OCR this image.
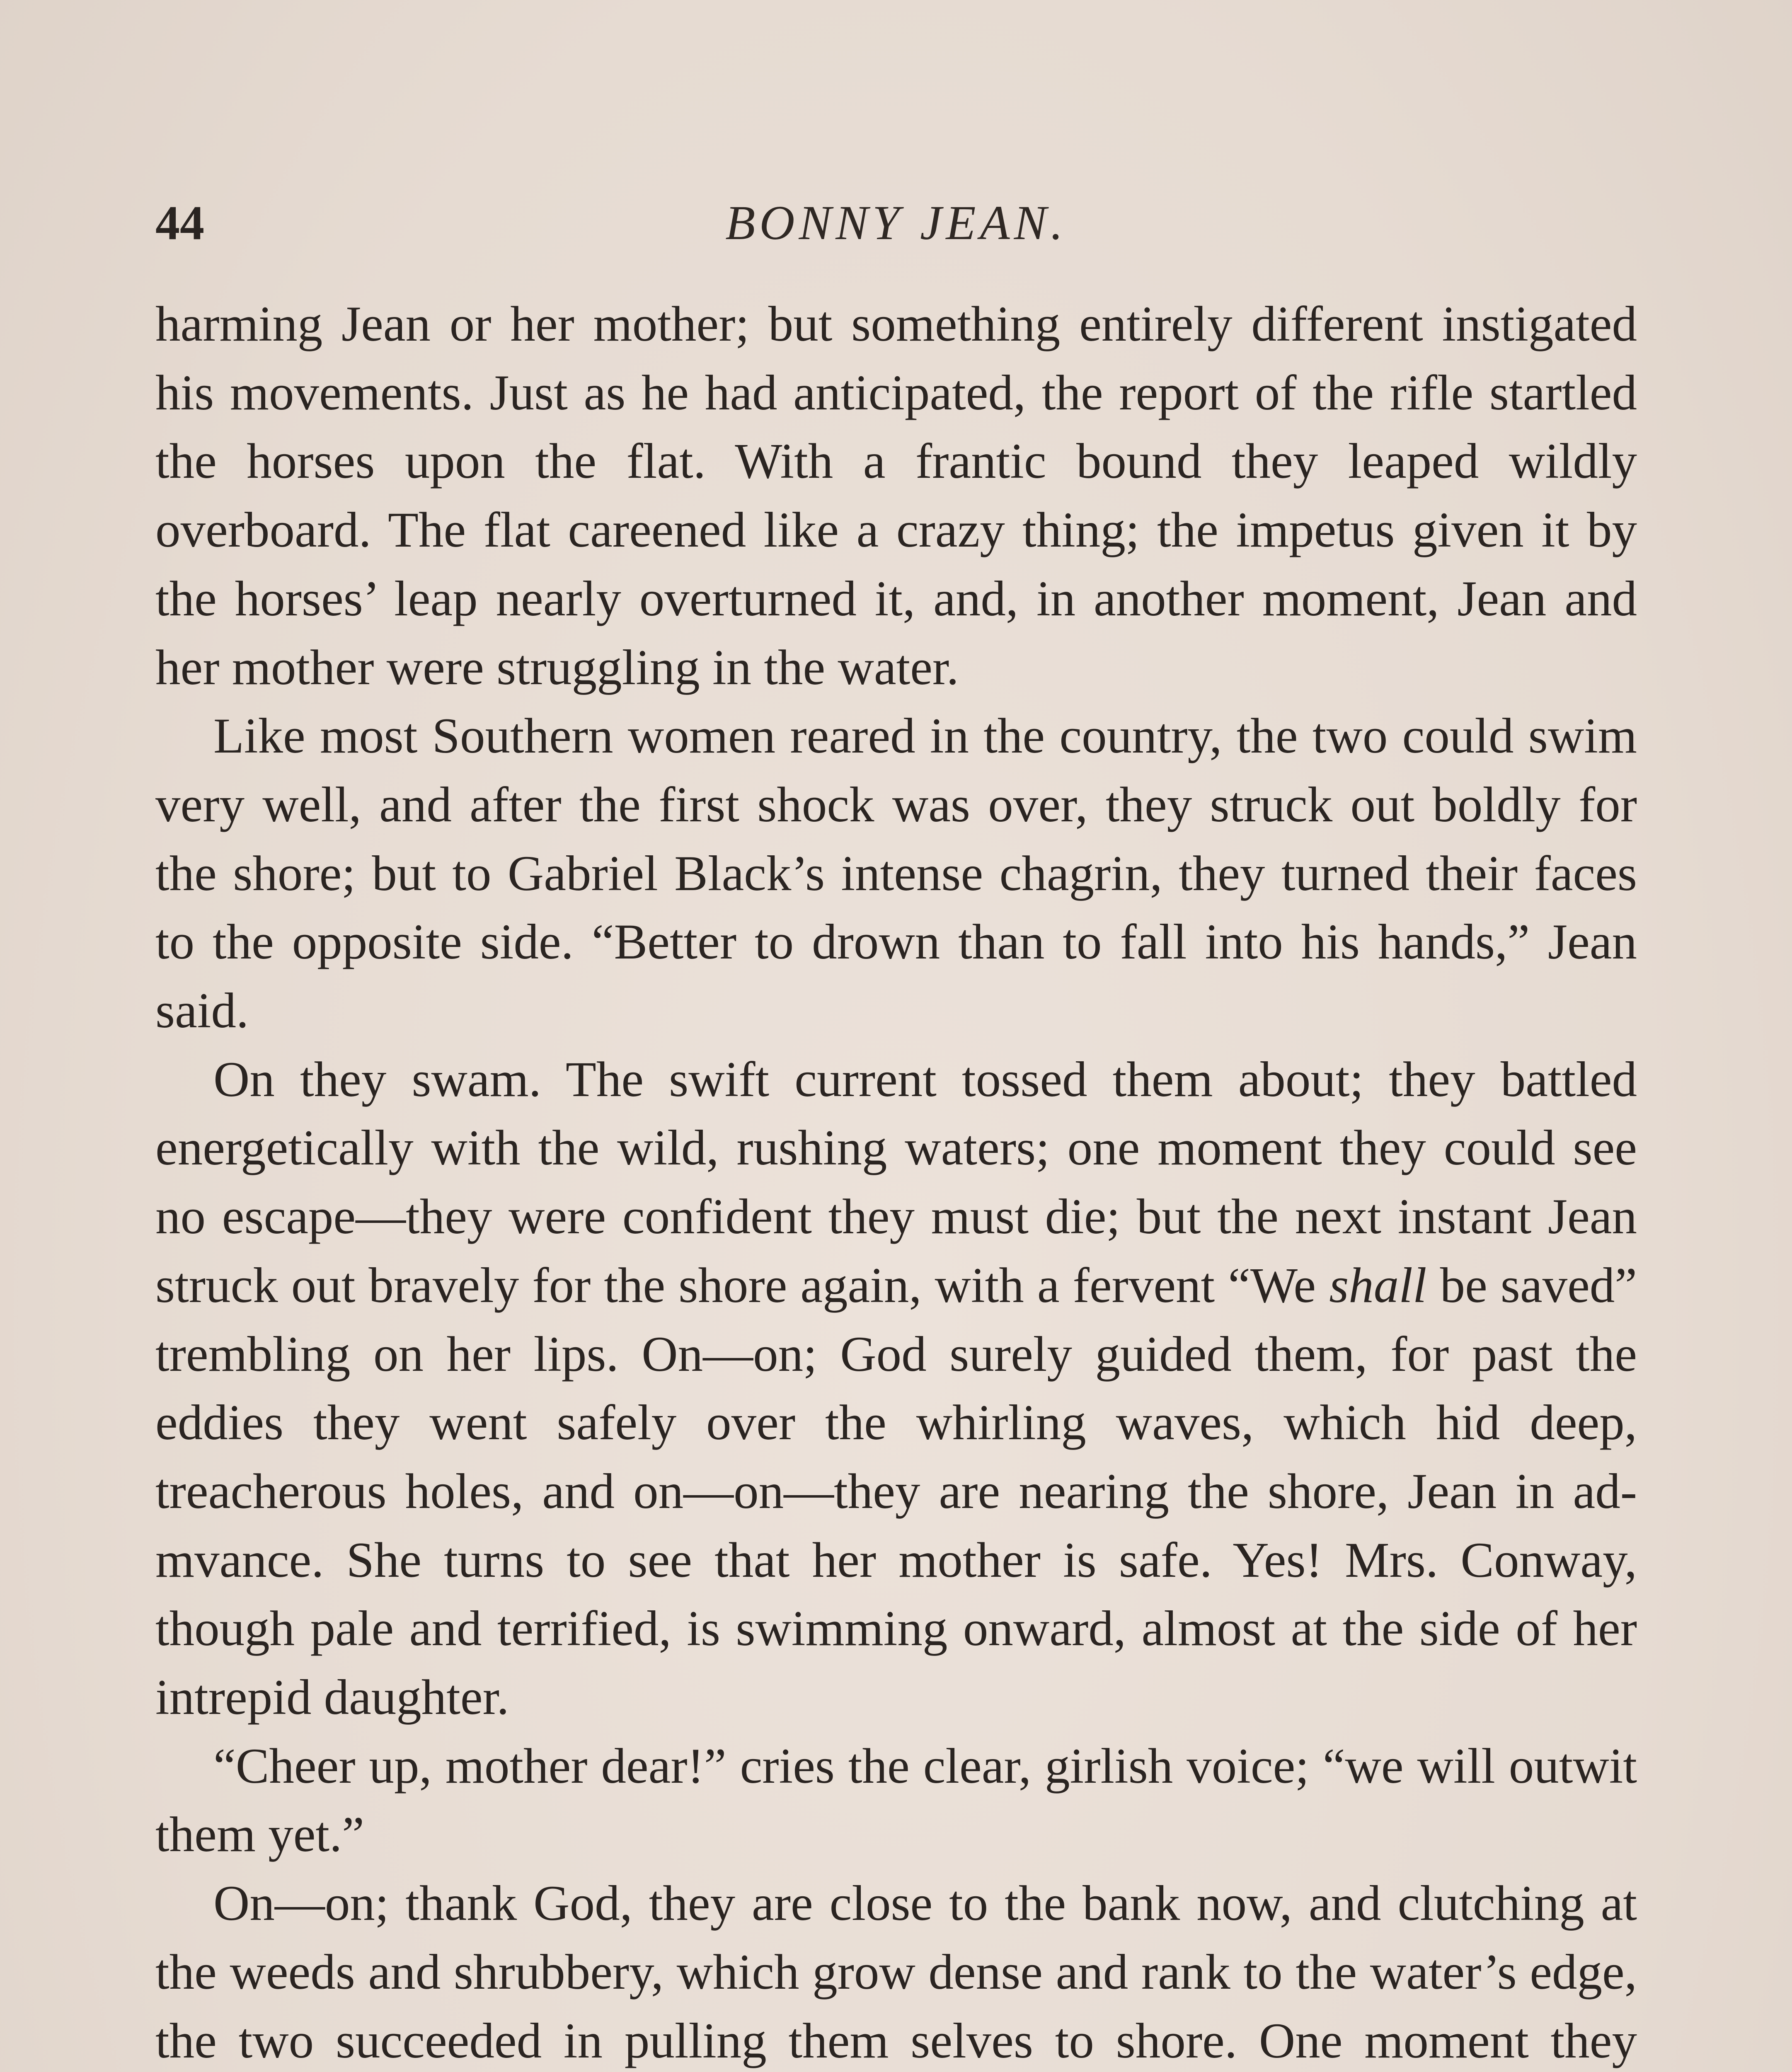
44	BONNY JEAN.

harming Jean or her mother; but something entirely different instigated his movements. Just as he had anticipated, the report of the rifle startled the horses upon the flat. With a frantic bound they leaped wildly overboard. The flat careened like a crazy thing; the impetus given it by the horses’ leap nearly overturned it, and, in another moment, Jean and her mother were struggling in the water.

Like most Southern women reared in the country, the two could swim very well, and after the first shock was over, they struck out boldly for the shore; but to Gabriel Black’s intense chagrin, they turned their faces to the opposite side. “Better to drown than to fall into his hands,” Jean said.

On they swam. The swift current tossed them about; they battled energetically with the wild, rushing waters; one moment they could see no escape—they were confident they must die; but the next instant Jean struck out bravely for the shore again, with a fervent “We shall be saved” trembling on her lips. On—on; God surely guided them, for past the eddies they went safely over the whirling waves, which hid deep, treacherous holes, and on—on—they are nearing the shore, Jean in admvance. She turns to see that her mother is safe. Yes! Mrs. Conway, though pale and terrified, is swimming onward, almost at the side of her intrepid daughter.

“Cheer up, mother dear!” cries the clear, girlish voice; “we will outwit them yet.”

On—on; thank God, they are close to the bank now, and clutching at the weeds and shrubbery, which grow dense and rank to the water’s edge, the two succeeded in pulling them selves to shore. One moment they
